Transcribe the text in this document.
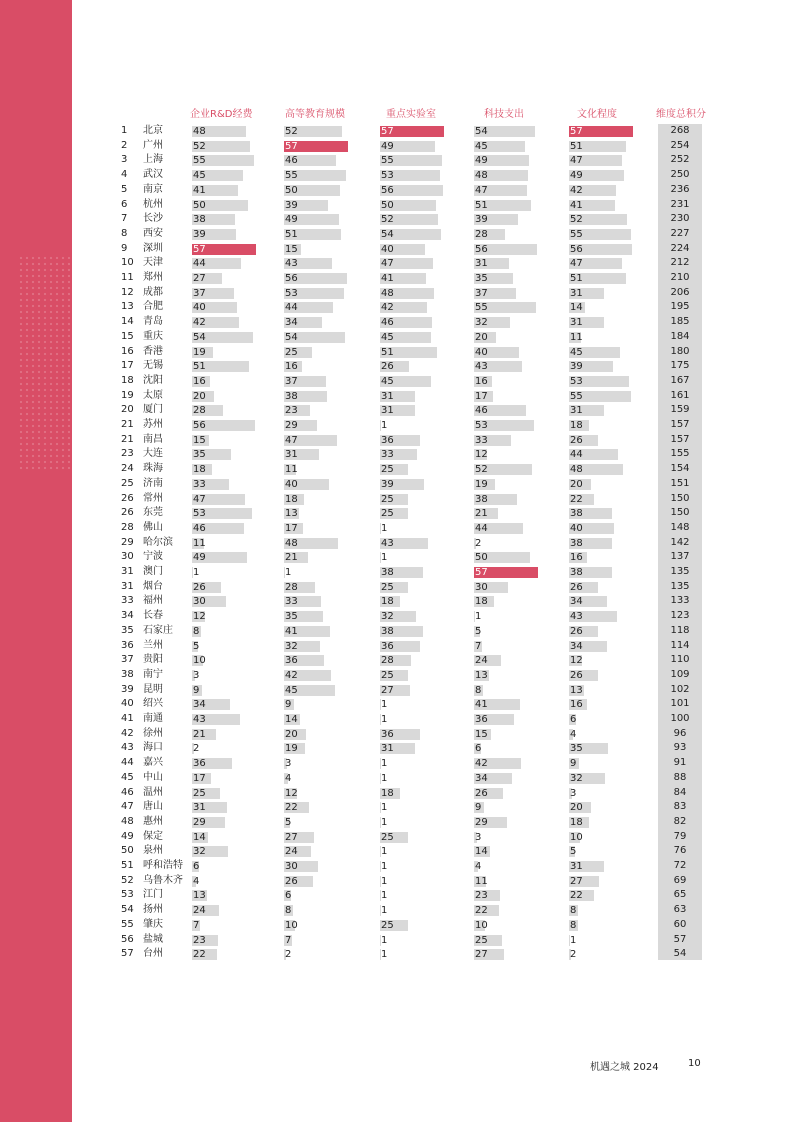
企业R&D经费	高等教育规模	重点实验室	科技支出	文化程度	维度总积分
1 北京	48	52	57	54	57	268
2 广州	52	57	49	45	51	254
3 上海	55	46	55	49	47	252
4 武汉	45	55	53	48	49	250
5 南京	41	50	56	47	42	236
6 杭州	50	39	50	51	41	231
7 长沙	38	49	52	39	52	230
8 西安	39	51	54	28	55	227
9 深圳	57	15	40	56	56	224
10 天津	44	43	47	31	47	212
11 郑州	27	56	41	35	51	210
12 成都	37	53	48	37	31	206
13 合肥	40	44	42	55	14	195
14 青岛	42	34	46	32	31	185
15 重庆	54	54	45	20	11	184
16 香港	19	25	51	40	45	180
17 无锡	51	16	26	43	39	175
18 沈阳	16	37	45	16	53	167
19 太原	20	38	31	17	55	161
20 厦门	28	23	31	46	31	159
21 苏州	56	29	1	53	18	157
21 南昌	15	47	36	33	26	157
23 大连	35	31	33	12	44	155
24 珠海	18	11	25	52	48	154
25 济南	33	40	39	19	20	151
26 常州	47	18	25	38	22	150
26 东莞	53	13	25	21	38	150
28 佛山	46	17	1	44	40	148
29 哈尔滨 11	48	43	2	38	142
30 宁波	49	21	1	50	16	137
31 澳门	1	1	38	57	38	135
31 烟台	26	28	25	30	26	135
33 福州	30	33	18	18	34	133
34 长春	12	35	32	1	43	123
35 石家庄 8	41	38	5	26	118
36 兰州	5	32	36	7	34	114
37 贵阳	10	36	28	24	12	110
38 南宁	3	42	25	13	26	109
39 昆明	9	45	27	8	13	102
40 绍兴	34	9	1	41	16	101
41 南通	43	14	1	36	6	100
42 徐州	21	20	36	15	4	96
43 海口	2	19	31	6	35	93
44 嘉兴	36	3	1	42	9	91
45 中山	17	4	1	34	32	88
46 温州	25	12	18	26	3	84
47 唐山	31	22	1	9	20	83
48 惠州	29	5	1	29	18	82
49 保定	14	27	25	3	10	79
50 泉州	32	24	1	14	5	76
51 呼和浩特 6	30	1	4	31	72
52 乌鲁木齐 4	26	1	11	27	69
53 江门	13	6	1	23	22	65
54 扬州	24	8	1	22	8	63
55 肇庆	7	10	25	10	8	60
56 盐城	23	7	1	25	1	57
57 台州	22	2	1	27	2	54
机遇之城 2024	10
